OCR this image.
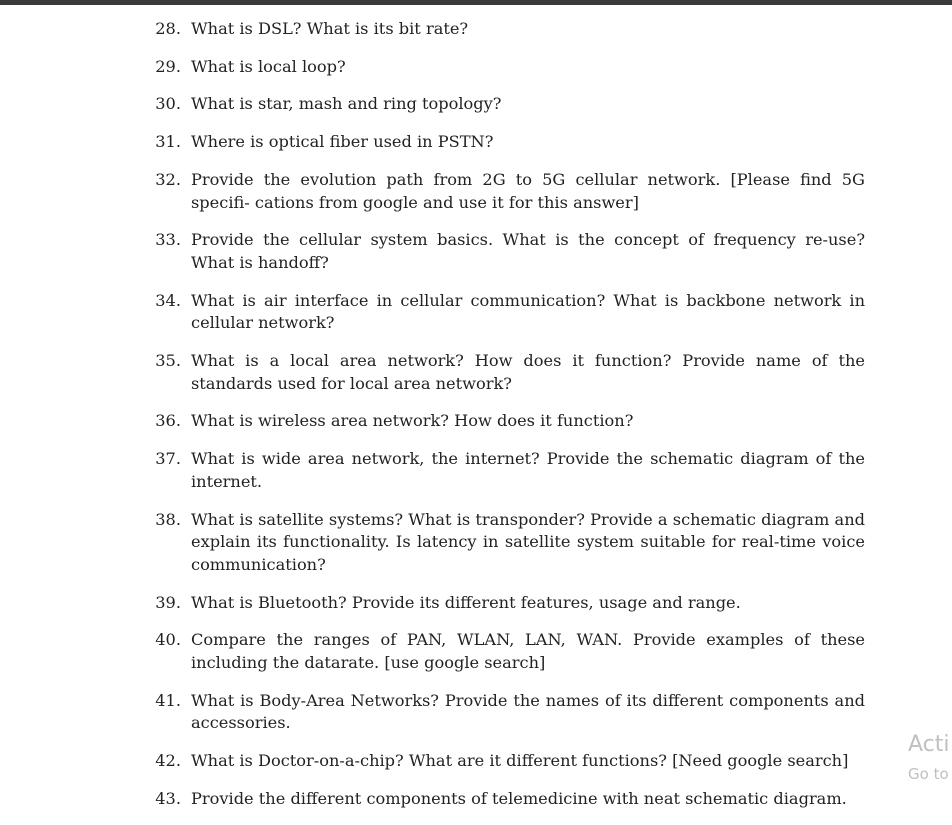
28. What is DSL? What is its bit rate?
29. What is local loop?
30. What is star, mash and ring topology?
31. Where is optical fiber used in PSTN?
32. Provide the evolution path from 2G to 5G cellular network. [Please find 5G specifi- cations from google and use it for this answer]
33. Provide the cellular system basics. What is the concept of frequency re-use? What is handoff?
34. What is air interface in cellular communication? What is backbone network in cellular network?
35. What is a local area network? How does it function? Provide name of the standards used for local area network?
36. What is wireless area network? How does it function?
37. What is wide area network, the internet? Provide the schematic diagram of the internet.
38. What is satellite systems? What is transponder? Provide a schematic diagram and explain its functionality. Is latency in satellite system suitable for real-time voice communication?
39. What is Bluetooth? Provide its different features, usage and range.
40. Compare the ranges of PAN, WLAN, LAN, WAN. Provide examples of these including the datarate. [use google search]
41. What is Body-Area Networks? Provide the names of its different components and accessories.
42. What is Doctor-on-a-chip? What are it different functions? [Need google search]
43. Provide the different components of telemedicine with neat schematic diagram.
Acti
Go to
